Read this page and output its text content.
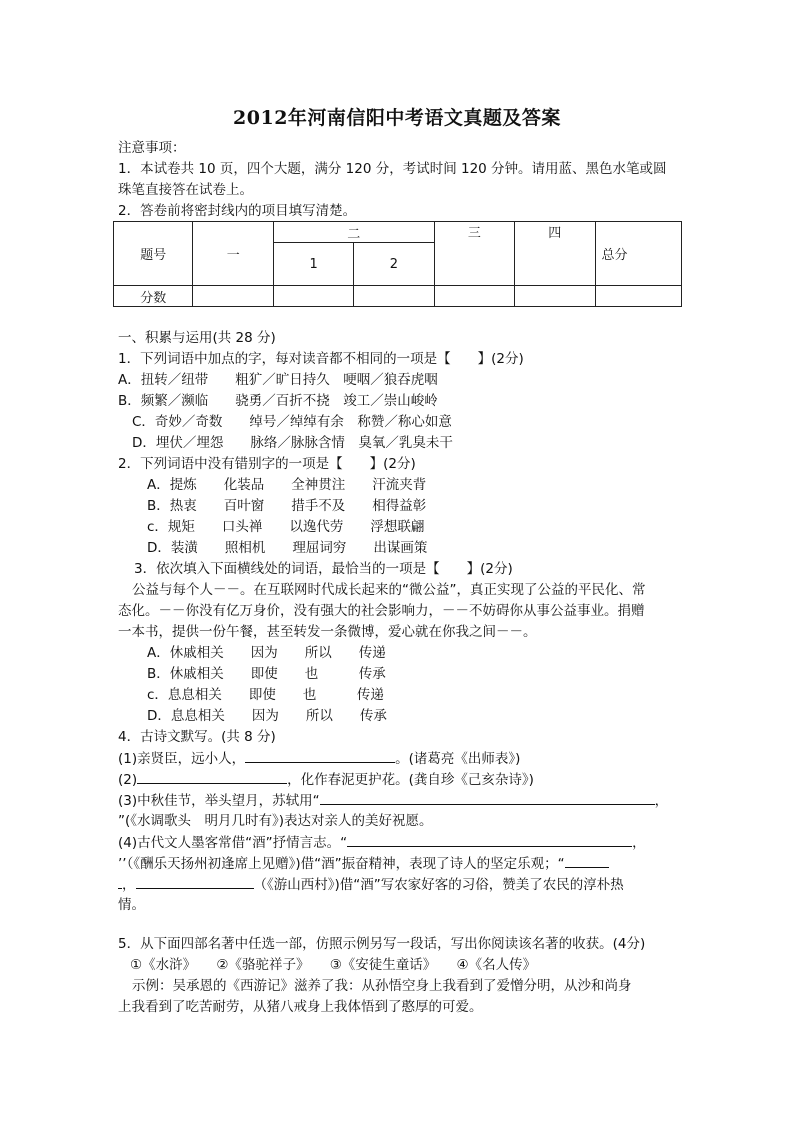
2012年河南信阳中考语文真题及答案
注意事项：
1．本试卷共 10 页，四个大题，满分 120 分，考试时间 120 分钟。请用蓝、黑色水笔或圆
珠笔直接答在试卷上。
2．答卷前将密封线内的项目填写清楚。
题号	一	二		三	四	总分
		1	2			
分数						
一、积累与运用(共 28 分)
1．下列词语中加点的字，每对读音都不相同的一项是【　　】(2分)
A．扭转／纽带　　粗犷／旷日持久　哽咽／狼吞虎咽
B．频繁／濒临　　骁勇／百折不挠　竣工／崇山峻岭
C．奇妙／奇数　　绰号／绰绰有余　称赞／称心如意
D．埋伏／埋怨　　脉络／脉脉含情　臭氧／乳臭未干
2．下列词语中没有错别字的一项是【　　】(2分)
A．提炼　　化装品　　全神贯注　　汗流夹背
B．热衷　　百叶窗　　措手不及　　相得益彰
c．规矩　　口头禅　　以逸代劳　　浮想联翩
D．装潢　　照相机　　理屈词穷　　出谋画策
3．依次填入下面横线处的词语，最恰当的一项是【　　】(2分)
公益与每个人－－。在互联网时代成长起来的“微公益”，真正实现了公益的平民化、常
态化。－－你没有亿万身价，没有强大的社会影响力，－－不妨碍你从事公益事业。捐赠
一本书，提供一份午餐，甚至转发一条微博，爱心就在你我之间－－。
A．休戚相关　　因为　　所以　　传递
B．休戚相关　　即使　　也　　　传承
c．息息相关　　即使　　也　　　传递
D．息息相关　　因为　　所以　　传承
4．古诗文默写。(共 8 分)
(1)亲贤臣，远小人，	。(诸葛亮《出师表》)
(2)	，化作春泥更护花。(龚自珍《己亥杂诗》)
(3)中秋佳节，举头望月，苏轼用“	，
”(《水调歌头　明月几时有》)表达对亲人的美好祝愿。
(4)古代文人墨客常借“酒”抒情言志。“	，
’’（《酬乐天扬州初逢席上见赠》)借“酒”振奋精神，表现了诗人的坚定乐观；“
，	（《游山西村》)借“酒”写农家好客的习俗，赞美了农民的淳朴热
情。
5．从下面四部名著中任选一部，仿照示例另写一段话，写出你阅读该名著的收获。(4分)
①《水浒》　　②《骆驼祥子》　　③《安徒生童话》　　④《名人传》
示例：吴承恩的《西游记》滋养了我：从孙悟空身上我看到了爱憎分明，从沙和尚身
上我看到了吃苦耐劳，从猪八戒身上我体悟到了憨厚的可爱。
